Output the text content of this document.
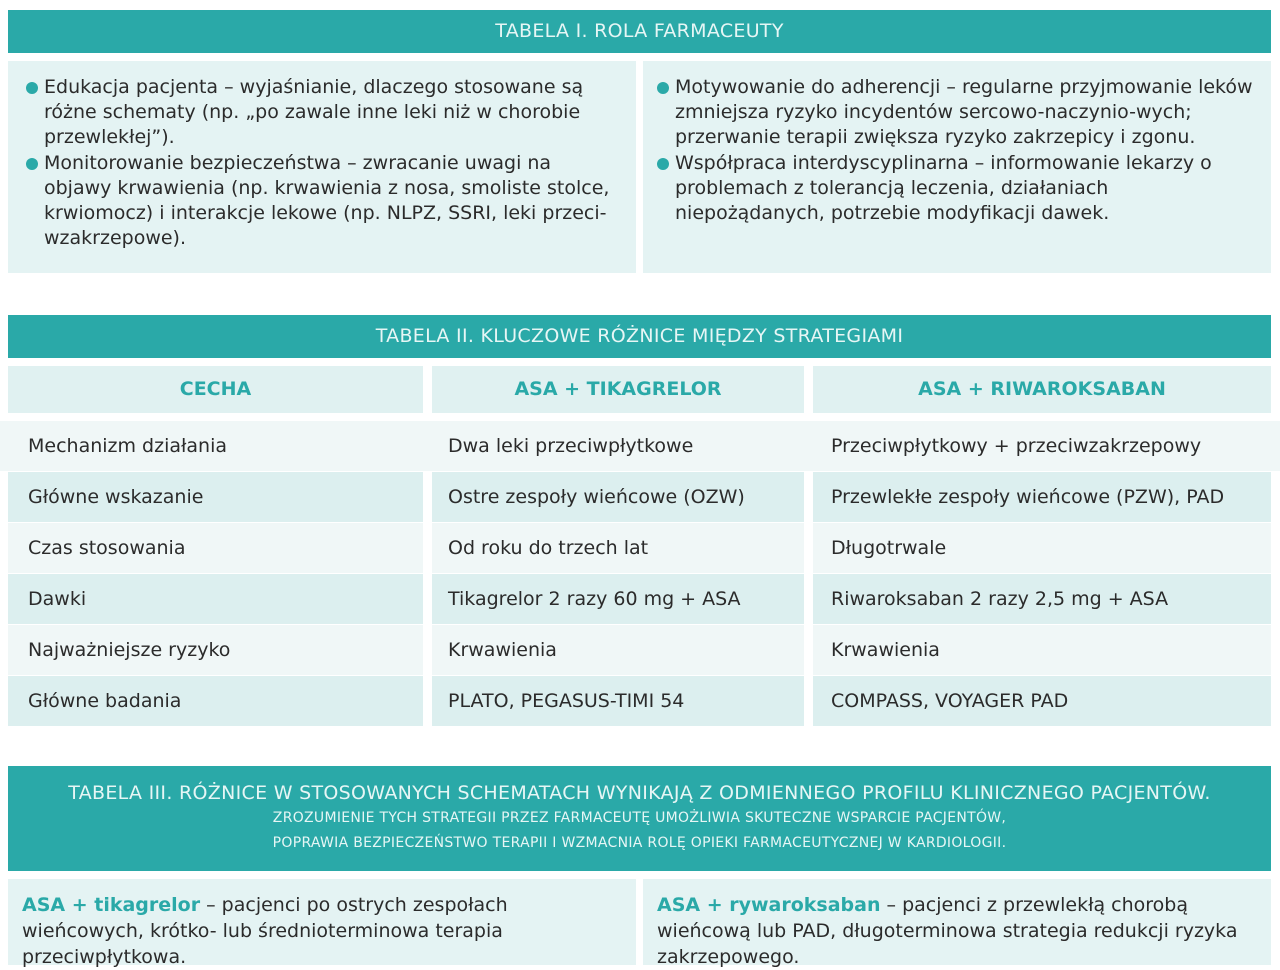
TABELA I. ROLA FARMACEUTY
Edukacja pacjenta – wyjaśnianie, dlaczego stosowane są różne schematy (np. „po zawale inne leki niż w chorobie przewlekłej”).
Monitorowanie bezpieczeństwa – zwracanie uwagi na objawy krwawienia (np. krwawienia z nosa, smoliste stolce, krwiomocz) i interakcje lekowe (np. NLPZ, SSRI, leki przeci-wzakrzepowe).
Motywowanie do adherencji – regularne przyjmowanie leków zmniejsza ryzyko incydentów sercowo-naczynio-wych; przerwanie terapii zwiększa ryzyko zakrzepicy i zgonu.
Współpraca interdyscyplinarna – informowanie lekarzy o problemach z tolerancją leczenia, działaniach niepożądanych, potrzebie modyfikacji dawek.
TABELA II. KLUCZOWE RÓŻNICE MIĘDZY STRATEGIAMI
CECHA	ASA + TIKAGRELOR	ASA + RIWAROKSABAN
Mechanizm działania	Dwa leki przeciwpłytkowe	Przeciwpłytkowy + przeciwzakrzepowy
Główne wskazanie	Ostre zespoły wieńcowe (OZW)	Przewlekłe zespoły wieńcowe (PZW), PAD
Czas stosowania	Od roku do trzech lat	Długotrwale
Dawki	Tikagrelor 2 razy 60 mg + ASA	Riwaroksaban 2 razy 2,5 mg + ASA
Najważniejsze ryzyko	Krwawienia	Krwawienia
Główne badania	PLATO, PEGASUS-TIMI 54	COMPASS, VOYAGER PAD
TABELA III. RÓŻNICE W STOSOWANYCH SCHEMATACH WYNIKAJĄ Z ODMIENNEGO PROFILU KLINICZNEGO PACJENTÓW.
ZROZUMIENIE TYCH STRATEGII PRZEZ FARMACEUTĘ UMOŻLIWIA SKUTECZNE WSPARCIE PACJENTÓW,
POPRAWIA BEZPIECZEŃSTWO TERAPII I WZMACNIA ROLĘ OPIEKI FARMACEUTYCZNEJ W KARDIOLOGII.
ASA + tikagrelor – pacjenci po ostrych zespołach wieńcowych, krótko- lub średnioterminowa terapia przeciwpłytkowa.
ASA + rywaroksaban – pacjenci z przewlekłą chorobą wieńcową lub PAD, długoterminowa strategia redukcji ryzyka zakrzepowego.
